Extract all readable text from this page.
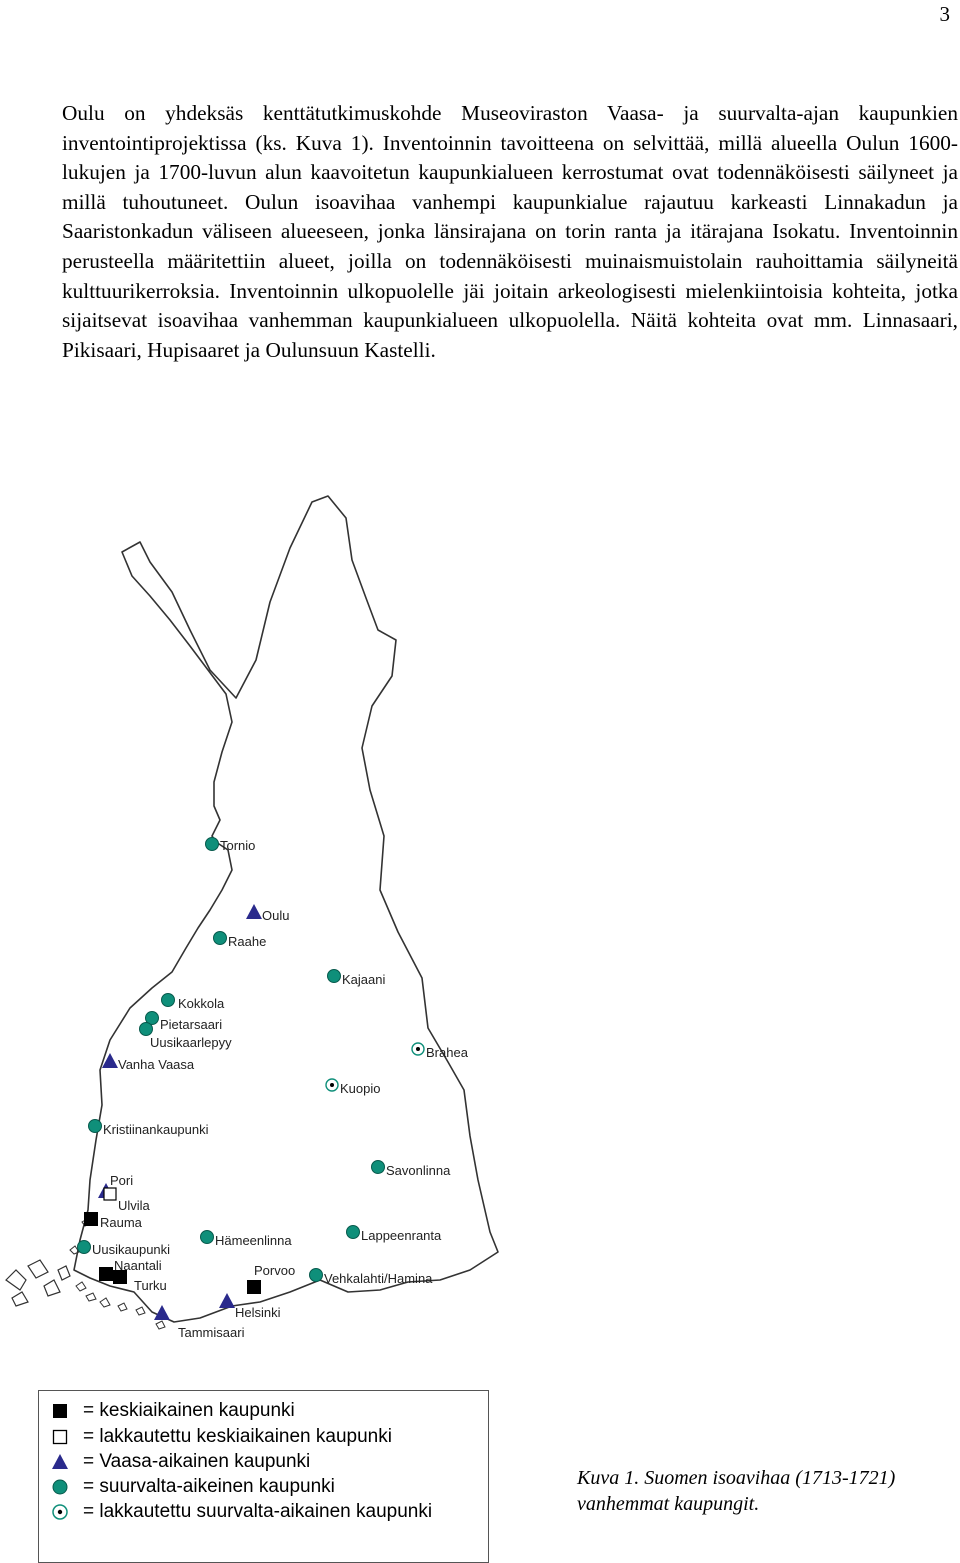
3

Oulu on yhdeksäs kenttätutkimuskohde Museoviraston Vaasa- ja suurvalta-ajan kaupunkien inventointiprojektissa (ks. Kuva 1). Inventoinnin tavoitteena on selvittää, millä alueella Oulun 1600-lukujen ja 1700-luvun alun kaavoitetun kaupunkialueen kerrostumat ovat todennäköisesti säilyneet ja millä tuhoutuneet. Oulun isoavihaa vanhempi kaupunkialue rajautuu karkeasti Linnakadun ja Saaristonkadun väliseen alueeseen, jonka länsirajana on torin ranta ja itärajana Isokatu. Inventoinnin perusteella määritettiin alueet, joilla on todennäköisesti muinaismuistolain rauhoittamia säilyneitä kulttuurikerroksia. Inventoinnin ulkopuolelle jäi joitain arkeologisesti mielenkiintoisia kohteita, jotka sijaitsevat isoavihaa vanhemman kaupunkialueen ulkopuolella. Näitä kohteita ovat mm. Linnasaari, Pikisaari, Hupisaaret ja Oulunsuun Kastelli.

Tornio
Oulu
Raahe
Kajaani
Kokkola
Pietarsaari
Uusikaarlepyy
Vanha Vaasa
Brahea
Kuopio
Kristiinankaupunki
Savonlinna
Pori
Ulvila
Rauma
Hämeenlinna	Lappeenranta
Uusikaupunki
Naantali
Turku
Porvoo
Vehkalahti/Hamina
Helsinki
Tammisaari
= keskiaikainen kaupunki
= lakkautettu keskiaikainen kaupunki
= Vaasa-aikainen kaupunki
= suurvalta-aikeinen kaupunki
= lakkautettu suurvalta-aikainen kaupunki
Kuva 1. Suomen isoavihaa (1713-1721)
vanhemmat kaupungit.
